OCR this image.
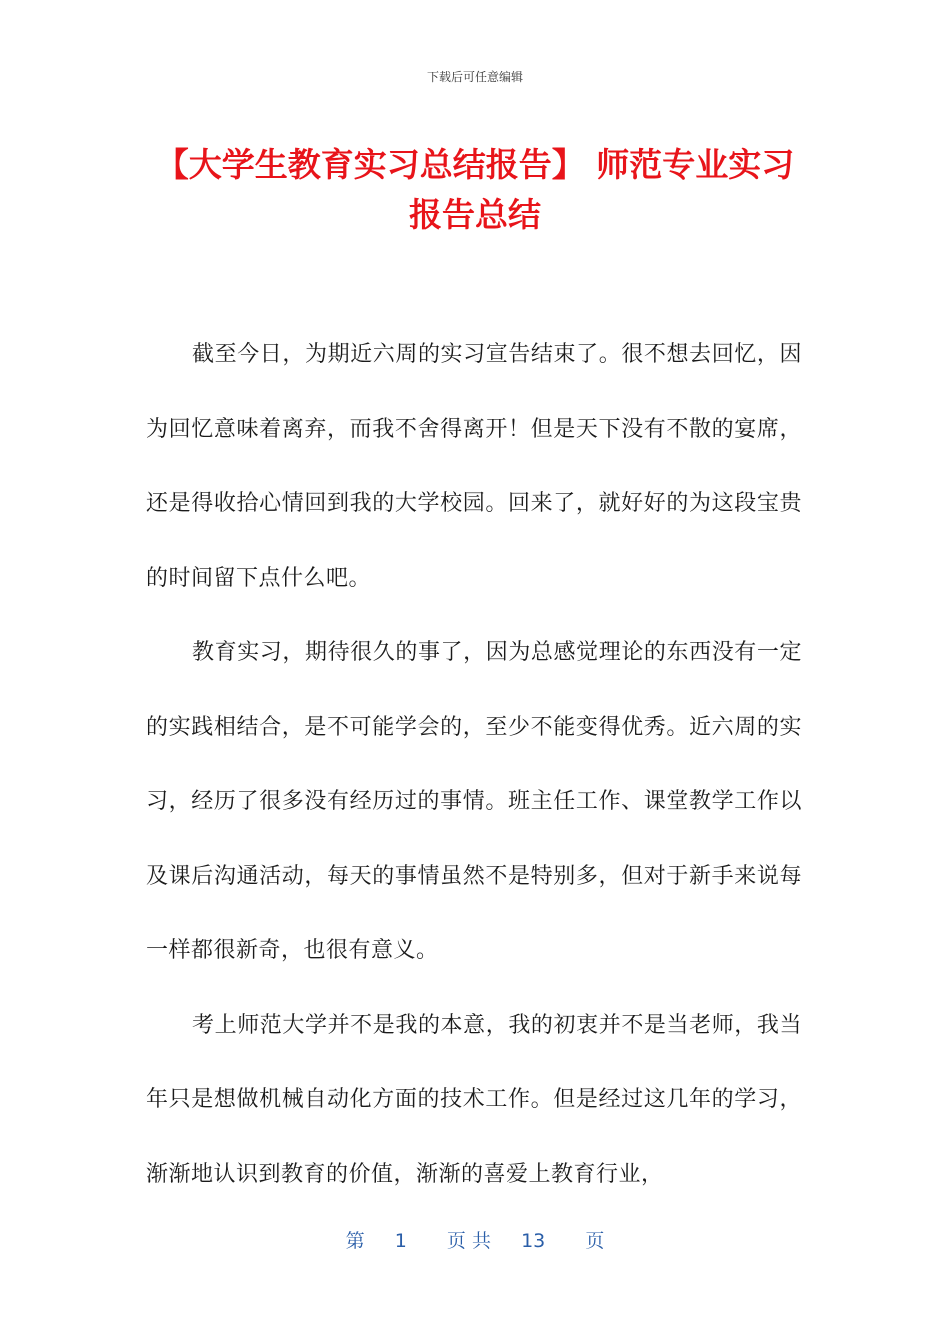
下载后可任意编辑
【大学生教育实习总结报告】 师范专业实习报告总结

截至今日，为期近六周的实习宣告结束了。很不想去回忆，因为回忆意味着离弃，而我不舍得离开！但是天下没有不散的宴席，还是得收拾心情回到我的大学校园。回来了，就好好的为这段宝贵的时间留下点什么吧。

教育实习，期待很久的事了，因为总感觉理论的东西没有一定的实践相结合，是不可能学会的，至少不能变得优秀。近六周的实习，经历了很多没有经历过的事情。班主任工作、课堂教学工作以及课后沟通活动，每天的事情虽然不是特别多，但对于新手来说每一样都很新奇，也很有意义。

考上师范大学并不是我的本意，我的初衷并不是当老师，我当年只是想做机械自动化方面的技术工作。但是经过这几年的学习，渐渐地认识到教育的价值，渐渐的喜爱上教育行业，

第 1 页 共 13 页
